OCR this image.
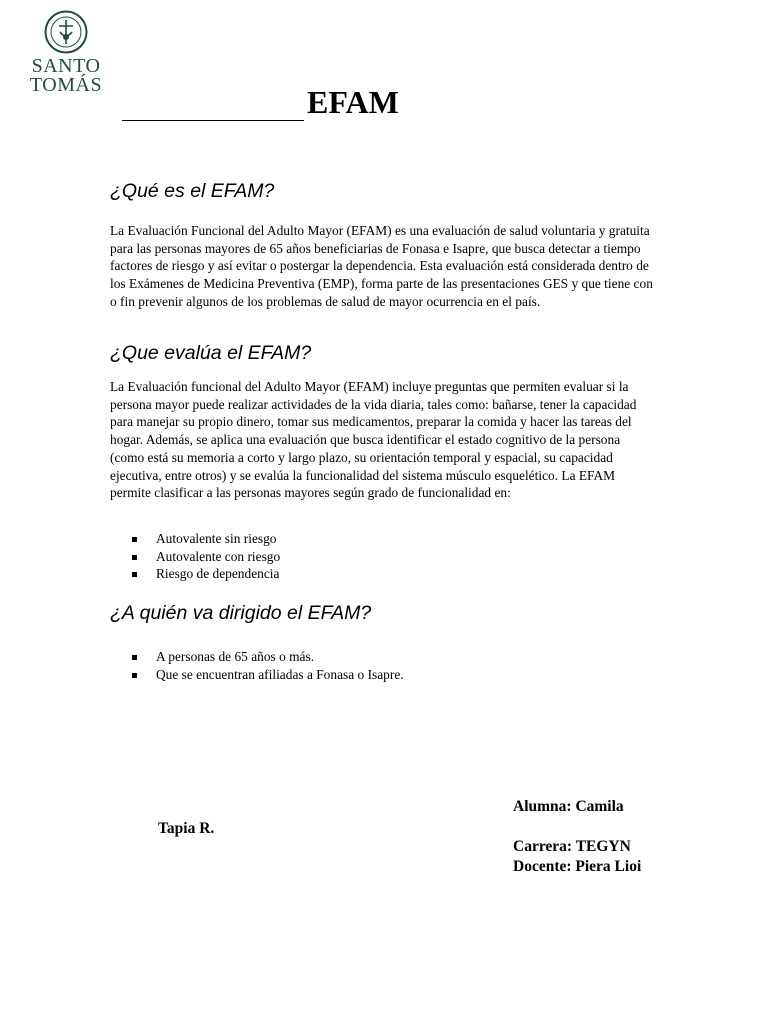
SANTO
TOMÁS	EFAM
¿Qué es el EFAM?

La Evaluación Funcional del Adulto Mayor (EFAM) es una evaluación de salud voluntaria y gratuita para las personas mayores de 65 años beneficiarias de Fonasa e Isapre, que busca detectar a tiempo factores de riesgo y así evitar o postergar la dependencia. Esta evaluación está considerada dentro de los Exámenes de Medicina Preventiva (EMP), forma parte de las presentaciones GES y que tiene con o fin prevenir algunos de los problemas de salud de mayor ocurrencia en el país.

¿Que evalúa el EFAM?

La Evaluación funcional del Adulto Mayor (EFAM) incluye preguntas que permiten evaluar si la persona mayor puede realizar actividades de la vida diaria, tales como: bañarse, tener la capacidad para manejar su propio dinero, tomar sus medicamentos, preparar la comida y hacer las tareas del hogar. Además, se aplica una evaluación que busca identificar el estado cognitivo de la persona (como está su memoria a corto y largo plazo, su orientación temporal y espacial, su capacidad ejecutiva, entre otros) y se evalúa la funcionalidad del sistema músculo esquelético. La EFAM permite clasificar a las personas mayores según grado de funcionalidad en:

Autovalente sin riesgo
Autovalente con riesgo
Riesgo de dependencia
¿A quién va dirigido el EFAM?
A personas de 65 años o más.
Que se encuentran afiliadas a Fonasa o Isapre.
Alumna: Camila
Tapia R.
Carrera: TEGYN
Docente: Piera Lioi
